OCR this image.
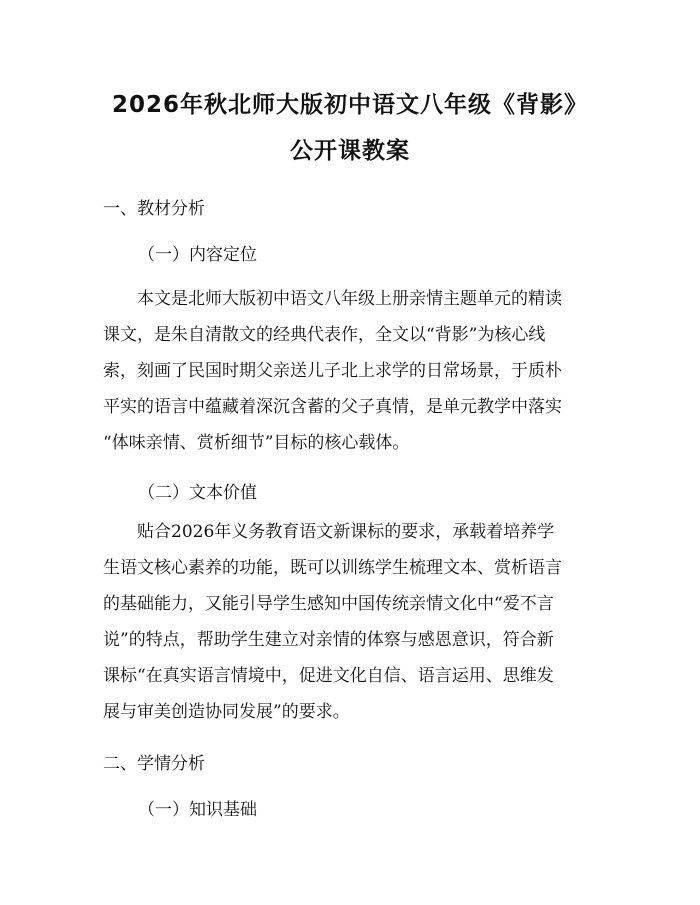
2026年秋北师大版初中语文八年级《背影》
公开课教案

一、教材分析

（一）内容定位

本文是北师大版初中语文八年级上册亲情主题单元的精读
课文，是朱自清散文的经典代表作，全文以“背影”为核心线
索，刻画了民国时期父亲送儿子北上求学的日常场景，于质朴
平实的语言中蕴藏着深沉含蓄的父子真情，是单元教学中落实
“体味亲情、赏析细节”目标的核心载体。

（二）文本价值

贴合2026年义务教育语文新课标的要求，承载着培养学
生语文核心素养的功能，既可以训练学生梳理文本、赏析语言
的基础能力，又能引导学生感知中国传统亲情文化中“爱不言
说”的特点，帮助学生建立对亲情的体察与感恩意识，符合新
课标“在真实语言情境中，促进文化自信、语言运用、思维发
展与审美创造协同发展”的要求。

二、学情分析

（一）知识基础
